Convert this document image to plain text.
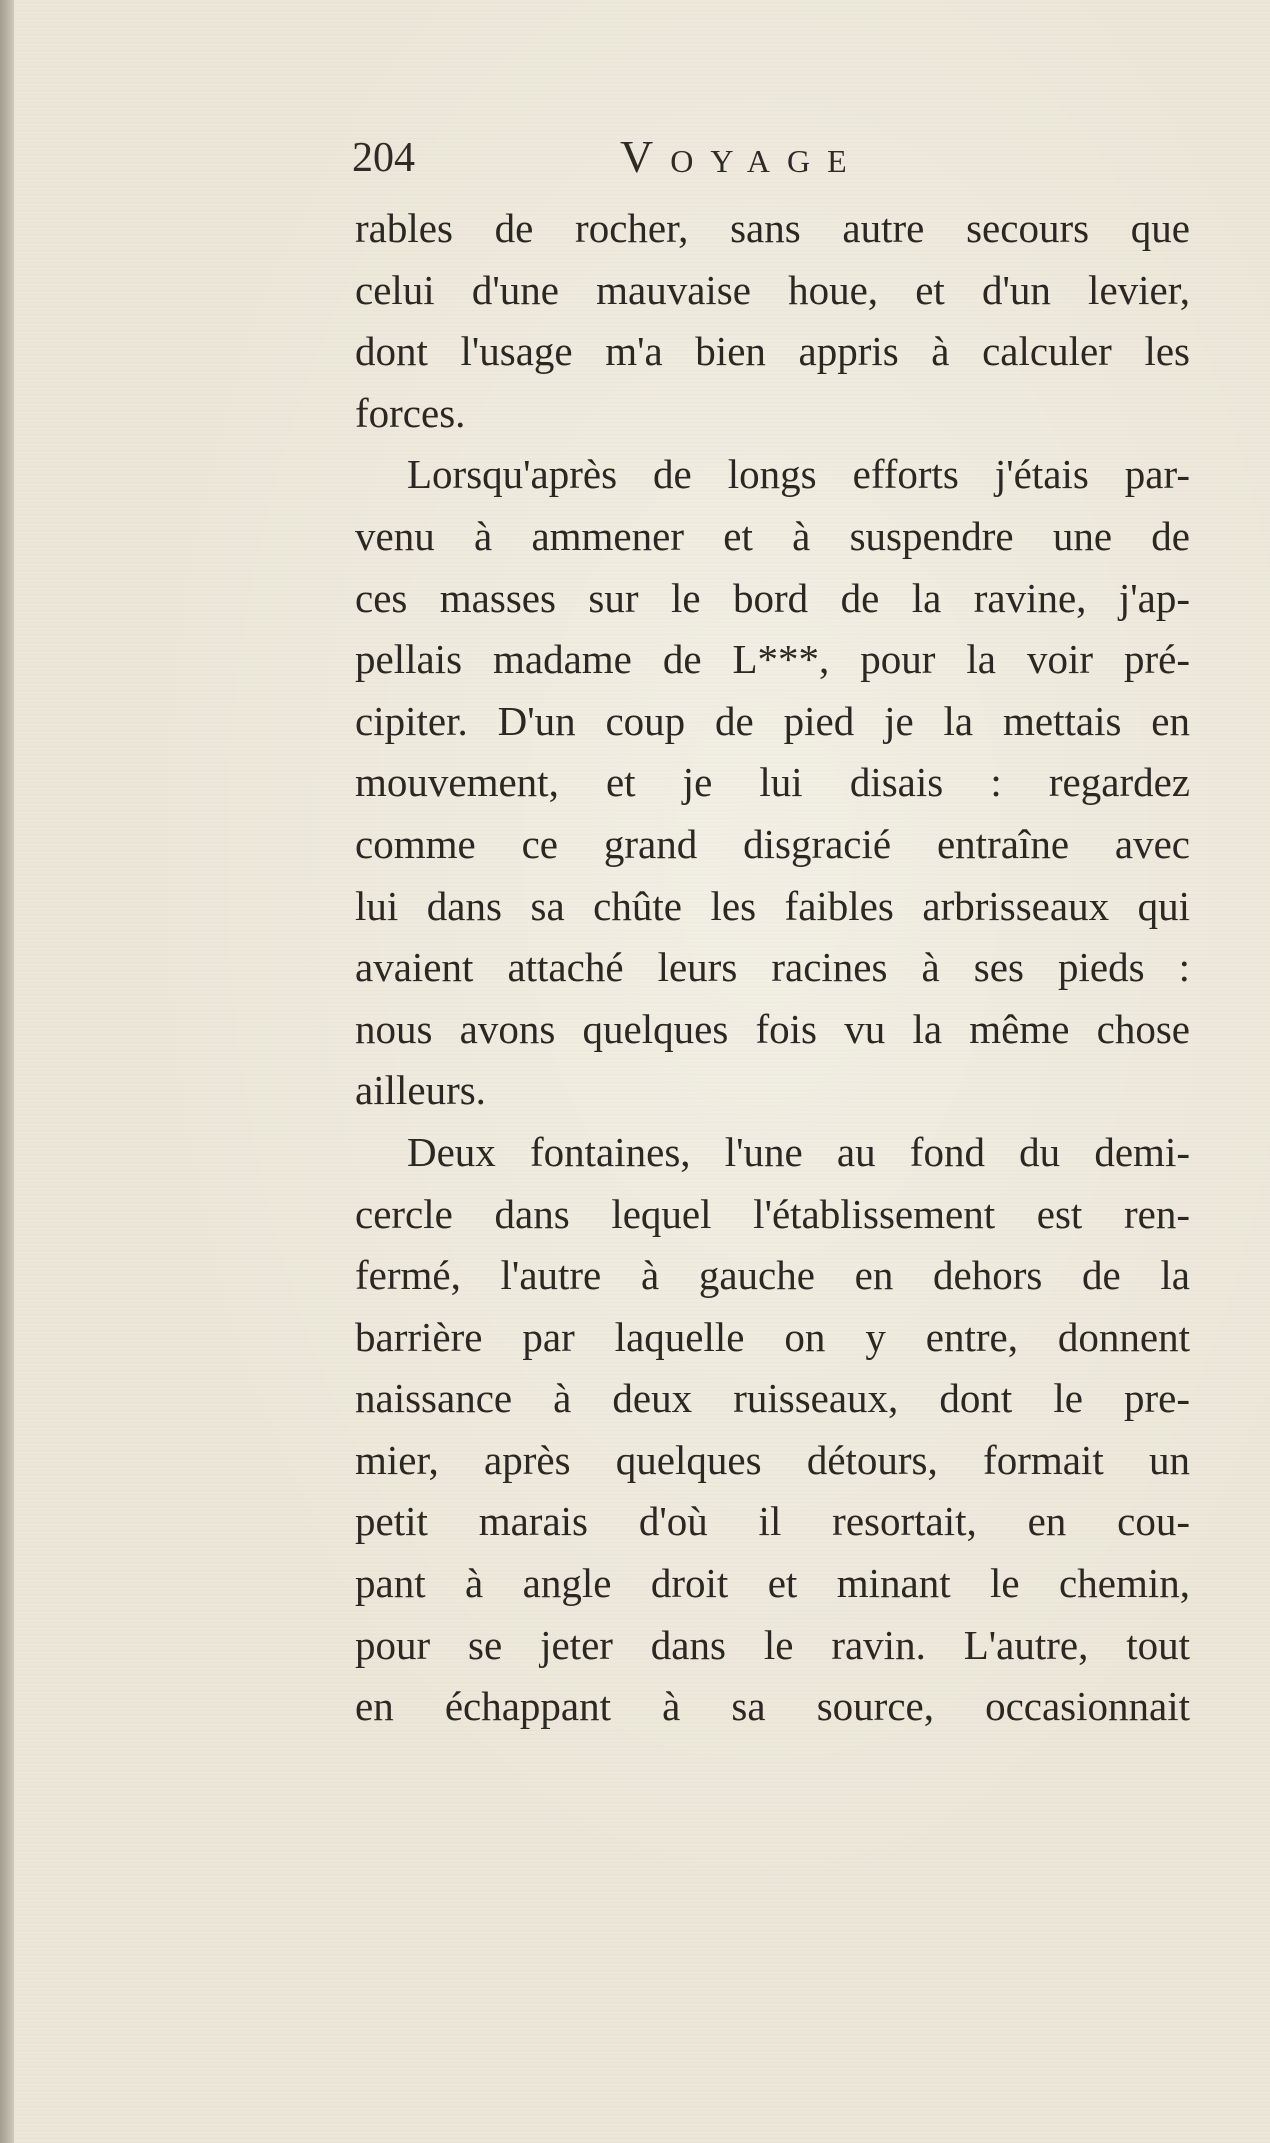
204	Voyage

rables de rocher, sans autre secours que
celui d'une mauvaise houe, et d'un levier,
dont l'usage m'a bien appris à calculer les
forces.

Lorsqu'après de longs efforts j'étais par-
venu à ammener et à suspendre une de
ces masses sur le bord de la ravine, j'ap-
pellais madame de L***, pour la voir pré-
cipiter. D'un coup de pied je la mettais en
mouvement, et je lui disais : regardez
comme ce grand disgracié entraîne avec
lui dans sa chûte les faibles arbrisseaux qui
avaient attaché leurs racines à ses pieds :
nous avons quelques fois vu la même chose
ailleurs.

Deux fontaines, l'une au fond du demi-
cercle dans lequel l'établissement est ren-
fermé, l'autre à gauche en dehors de la
barrière par laquelle on y entre, donnent
naissance à deux ruisseaux, dont le pre-
mier, après quelques détours, formait un
petit marais d'où il resortait, en cou-
pant à angle droit et minant le chemin,
pour se jeter dans le ravin. L'autre, tout
en échappant à sa source, occasionnait
